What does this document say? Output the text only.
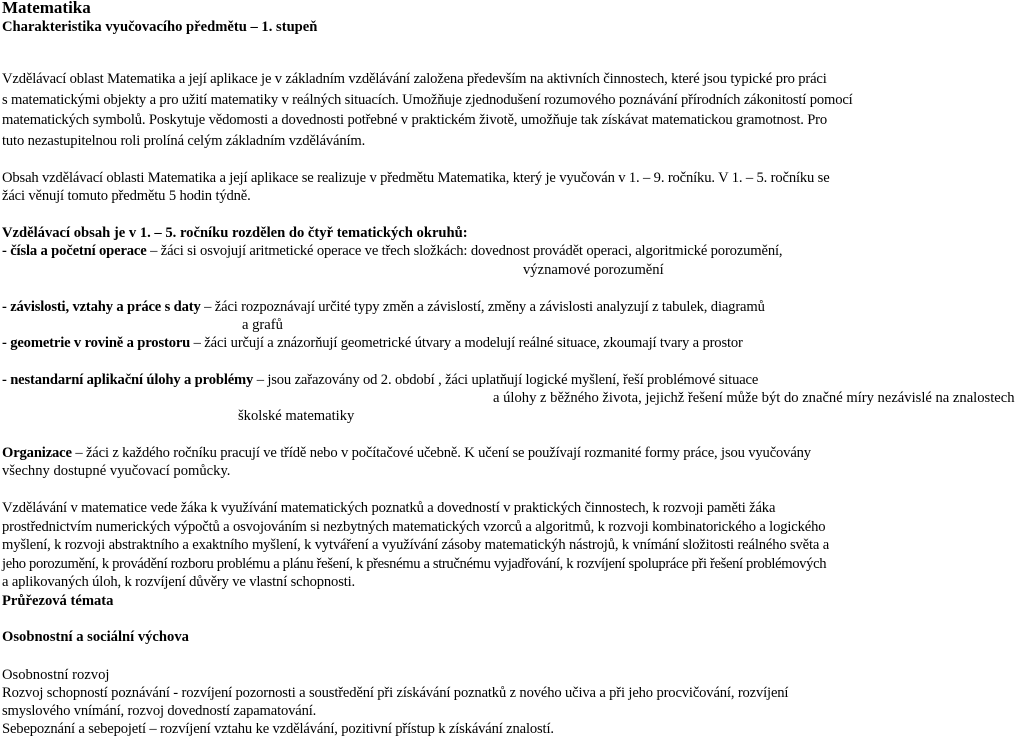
Matematika
Charakteristika vyučovacího předmětu – 1. stupeň
Vzdělávací oblast Matematika a její aplikace je v základním vzdělávání založena především na aktivních činnostech, které jsou typické pro práci
s matematickými objekty a pro užití matematiky v reálných situacích. Umožňuje zjednodušení rozumového poznávání přírodních zákonitostí pomocí
matematických symbolů. Poskytuje vědomosti a dovednosti potřebné v praktickém životě, umožňuje tak získávat matematickou gramotnost. Pro
tuto nezastupitelnou roli prolíná celým základním vzděláváním.
Obsah vzdělávací oblasti Matematika a její aplikace se realizuje v předmětu Matematika, který je vyučován v 1. – 9. ročníku. V 1. – 5. ročníku se
žáci věnují tomuto předmětu 5 hodin týdně.
Vzdělávací obsah je v 1. – 5. ročníku rozdělen do čtyř tematických okruhů:
- čísla a početní operace – žáci si osvojují aritmetické operace ve třech složkách: dovednost provádět operaci, algoritmické porozumění,
významové porozumění
- závislosti, vztahy a práce s daty – žáci rozpoznávají určité typy změn a závislostí, změny a závislosti analyzují z tabulek, diagramů
a grafů
- geometrie v rovině a prostoru – žáci určují a znázorňují geometrické útvary a modelují reálné situace, zkoumají tvary a prostor
- nestandarní aplikační úlohy a problémy – jsou zařazovány od 2. období , žáci uplatňují logické myšlení, řeší problémové situace
a úlohy z běžného života, jejichž řešení může být do značné míry nezávislé na znalostech
školské matematiky
Organizace – žáci z každého ročníku pracují ve třídě nebo v počítačové učebně. K učení se používají rozmanité formy práce, jsou vyučovány
všechny dostupné vyučovací pomůcky.
Vzdělávání v matematice vede žáka k využívání matematických poznatků a dovedností v praktických činnostech, k rozvoji paměti žáka
prostřednictvím numerických výpočtů a osvojováním si nezbytných matematických vzorců a algoritmů, k rozvoji kombinatorického a logického
myšlení, k rozvoji abstraktního a exaktního myšlení, k vytváření a využívání zásoby matematickýh nástrojů, k vnímání složitosti reálného světa a
jeho porozumění, k provádění rozboru problému a plánu řešení, k přesnému a stručnému vyjadřování, k rozvíjení spolupráce při řešení problémových
a aplikovaných úloh, k rozvíjení důvěry ve vlastní schopnosti.
Průřezová témata
Osobnostní a sociální výchova
Osobnostní rozvoj
Rozvoj schopností poznávání - rozvíjení pozornosti a soustředění při získávání poznatků z nového učiva a při jeho procvičování, rozvíjení
smyslového vnímání, rozvoj dovedností zapamatování.
Sebepoznání a sebepojetí – rozvíjení vztahu ke vzdělávání, pozitivní přístup k získávání znalostí.
